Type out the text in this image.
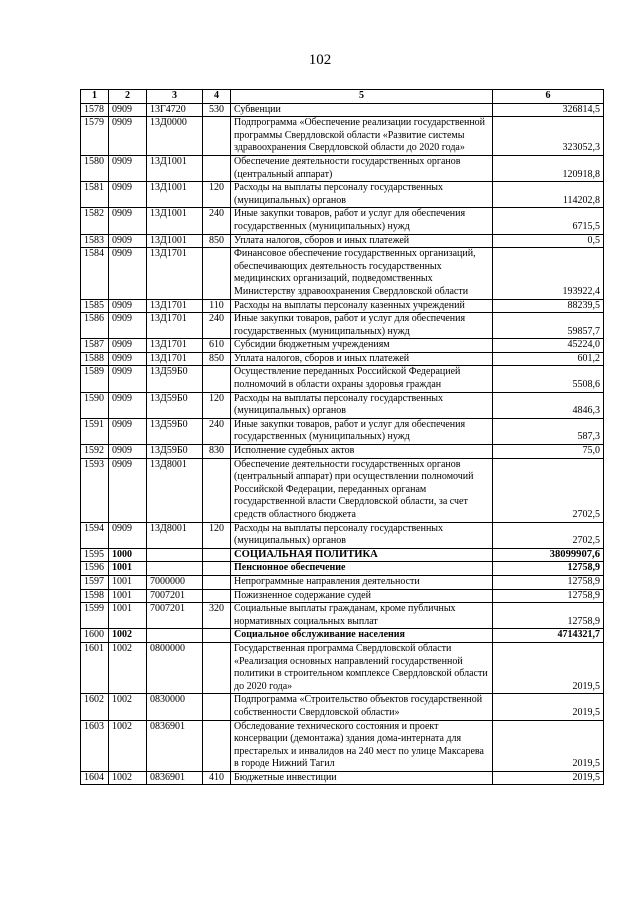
102
1	2	3	4	5	6
1578	0909	13Г4720	530	Субвенции	326814,5
1579	0909	13Д0000		Подпрограмма «Обеспечение реализации государственной программы Свердловской области «Развитие системы здравоохранения Свердловской области до 2020 года»	323052,3
1580	0909	13Д1001		Обеспечение деятельности государственных органов (центральный аппарат)	120918,8
1581	0909	13Д1001	120	Расходы на выплаты персоналу государственных (муниципальных) органов	114202,8
1582	0909	13Д1001	240	Иные закупки товаров, работ и услуг для обеспечения государственных (муниципальных) нужд	6715,5
1583	0909	13Д1001	850	Уплата налогов, сборов и иных платежей	0,5
1584	0909	13Д1701		Финансовое обеспечение государственных организаций, обеспечивающих деятельность государственных медицинских организаций, подведомственных Министерству здравоохранения Свердловской области	193922,4
1585	0909	13Д1701	110	Расходы на выплаты персоналу казенных учреждений	88239,5
1586	0909	13Д1701	240	Иные закупки товаров, работ и услуг для обеспечения государственных (муниципальных) нужд	59857,7
1587	0909	13Д1701	610	Субсидии бюджетным учреждениям	45224,0
1588	0909	13Д1701	850	Уплата налогов, сборов и иных платежей	601,2
1589	0909	13Д59Б0		Осуществление переданных Российской Федерацией полномочий в области охраны здоровья граждан	5508,6
1590	0909	13Д59Б0	120	Расходы на выплаты персоналу государственных (муниципальных) органов	4846,3
1591	0909	13Д59Б0	240	Иные закупки товаров, работ и услуг для обеспечения государственных (муниципальных) нужд	587,3
1592	0909	13Д59Б0	830	Исполнение судебных актов	75,0
1593	0909	13Д8001		Обеспечение деятельности государственных органов (центральный аппарат) при осуществлении полномочий Российской Федерации, переданных органам государственной власти Свердловской области, за счет средств областного бюджета	2702,5
1594	0909	13Д8001	120	Расходы на выплаты персоналу государственных (муниципальных) органов	2702,5
1595	1000			СОЦИАЛЬНАЯ ПОЛИТИКА	38099907,6
1596	1001			Пенсионное обеспечение	12758,9
1597	1001	7000000		Непрограммные направления деятельности	12758,9
1598	1001	7007201		Пожизненное содержание судей	12758,9
1599	1001	7007201	320	Социальные выплаты гражданам, кроме публичных нормативных социальных выплат	12758,9
1600	1002			Социальное обслуживание населения	4714321,7
1601	1002	0800000		Государственная программа Свердловской области «Реализация основных направлений государственной политики в строительном комплексе Свердловской области до 2020 года»	2019,5
1602	1002	0830000		Подпрограмма «Строительство объектов государственной собственности Свердловской области»	2019,5
1603	1002	0836901		Обследование технического состояния и проект консервации (демонтажа) здания дома-интерната для престарелых и инвалидов на 240 мест по улице Максарева в городе Нижний Тагил	2019,5
1604	1002	0836901	410	Бюджетные инвестиции	2019,5
